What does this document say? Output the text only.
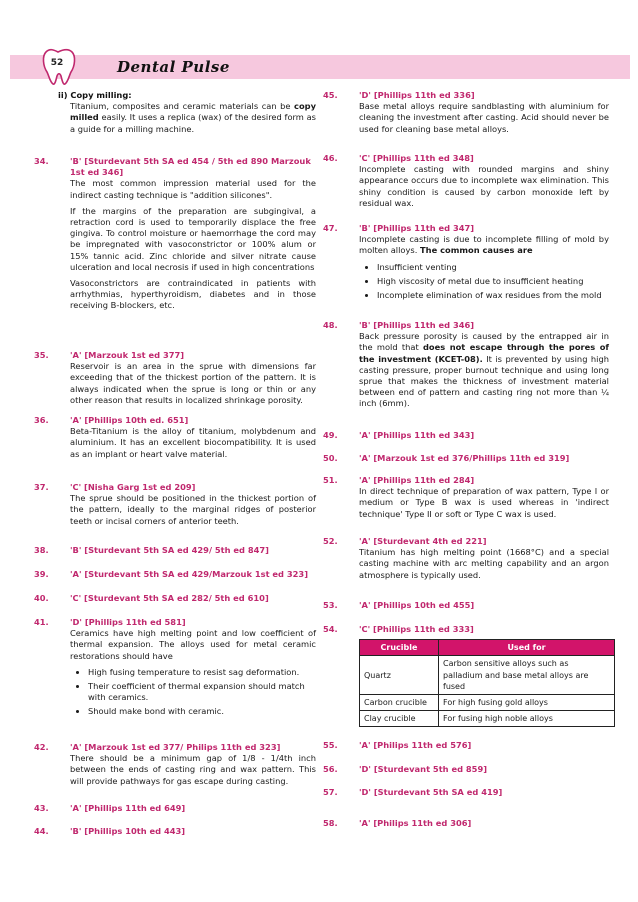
52	Dental Pulse
ii) Copy milling:

Titanium, composites and ceramic materials can be copy milled easily. It uses a replica (wax) of the desired form as a guide for a milling machine.

34.	'B' [Sturdevant 5th SA ed 454 / 5th ed 890 Marzouk 1st ed 346]

The most common impression material used for the indirect casting technique is "addition silicones".

If the margins of the preparation are subgingival, a retraction cord is used to temporarily displace the free gingiva. To control moisture or haemorrhage the cord may be impregnated with vasoconstrictor or 100% alum or 15% tannic acid. Zinc chloride and silver nitrate cause ulceration and local necrosis if used in high concentrations

Vasoconstrictors are contraindicated in patients with arrhythmias, hyperthyroidism, diabetes and in those receiving B-blockers, etc.

35.	'A' [Marzouk 1st ed 377]

Reservoir is an area in the sprue with dimensions far exceeding that of the thickest portion of the pattern. It is always indicated when the sprue is long or thin or any other reason that results in localized shrinkage porosity.

36.	'A' [Phillips 10th ed. 651]

Beta-Titanium is the alloy of titanium, molybdenum and aluminium. It has an excellent biocompatibility. It is used as an implant or heart valve material.

37.	'C' [Nisha Garg 1st ed 209]

The sprue should be positioned in the thickest portion of the pattern, ideally to the marginal ridges of posterior teeth or incisal corners of anterior teeth.

38.	'B' [Sturdevant 5th SA ed 429/ 5th ed 847]
39.	'A' [Sturdevant 5th SA ed 429/Marzouk 1st ed 323]
40.	'C' [Sturdevant 5th SA ed 282/ 5th ed 610]
41.	'D' [Phillips 11th ed 581]

Ceramics have high melting point and low coefficient of thermal expansion. The alloys used for metal ceramic restorations should have

• High fusing temperature to resist sag deformation.
• Their coefficient of thermal expansion should match with ceramics.
• Should make bond with ceramic.
42.	'A' [Marzouk 1st ed 377/ Philips 11th ed 323]

There should be a minimum gap of 1/8 - 1/4th inch between the ends of casting ring and wax pattern. This will provide pathways for gas escape during casting.

43.	'A' [Phillips 11th ed 649]
44.	'B' [Phillips 10th ed 443]
45.	'D' [Phillips 11th ed 336]

Base metal alloys require sandblasting with aluminium for cleaning the investment after casting. Acid should never be used for cleaning base metal alloys.

46.	'C' [Phillips 11th ed 348]

Incomplete casting with rounded margins and shiny appearance occurs due to incomplete wax elimination. This shiny condition is caused by carbon monoxide left by residual wax.

47.	'B' [Phillips 11th ed 347]

Incomplete casting is due to incomplete filling of mold by molten alloys. The common causes are

• Insufficient venting
• High viscosity of metal due to insufficient heating
• Incomplete elimination of wax residues from the mold
48.	'B' [Phillips 11th ed 346]

Back pressure porosity is caused by the entrapped air in the mold that does not escape through the pores of the investment (KCET-08). It is prevented by using high casting pressure, proper burnout technique and using long sprue that makes the thickness of investment material between end of pattern and casting ring not more than ¼ inch (6mm).

49.	'A' [Phillips 11th ed 343]
50.	'A' [Marzouk 1st ed 376/Phillips 11th ed 319]
51.	'A' [Phillips 11th ed 284]

In direct technique of preparation of wax pattern, Type I or medium or Type B wax is used whereas in 'indirect technique' Type II or soft or Type C wax is used.

52.	'A' [Sturdevant 4th ed 221]

Titanium has high melting point (1668°C) and a special casting machine with arc melting capability and an argon atmosphere is typically used.

53.	'A' [Phillips 10th ed 455]
54.	'C' [Phillips 11th ed 333]
Crucible	Used for
Quartz	Carbon sensitive alloys such as palladium and base metal alloys are fused
Carbon crucible	For high fusing gold alloys
Clay crucible	For fusing high noble alloys
55.	'A' [Philips 11th ed 576]
56.	'D' [Sturdevant 5th ed 859]
57.	'D' [Sturdevant 5th SA ed 419]
58.	'A' [Philips 11th ed 306]
